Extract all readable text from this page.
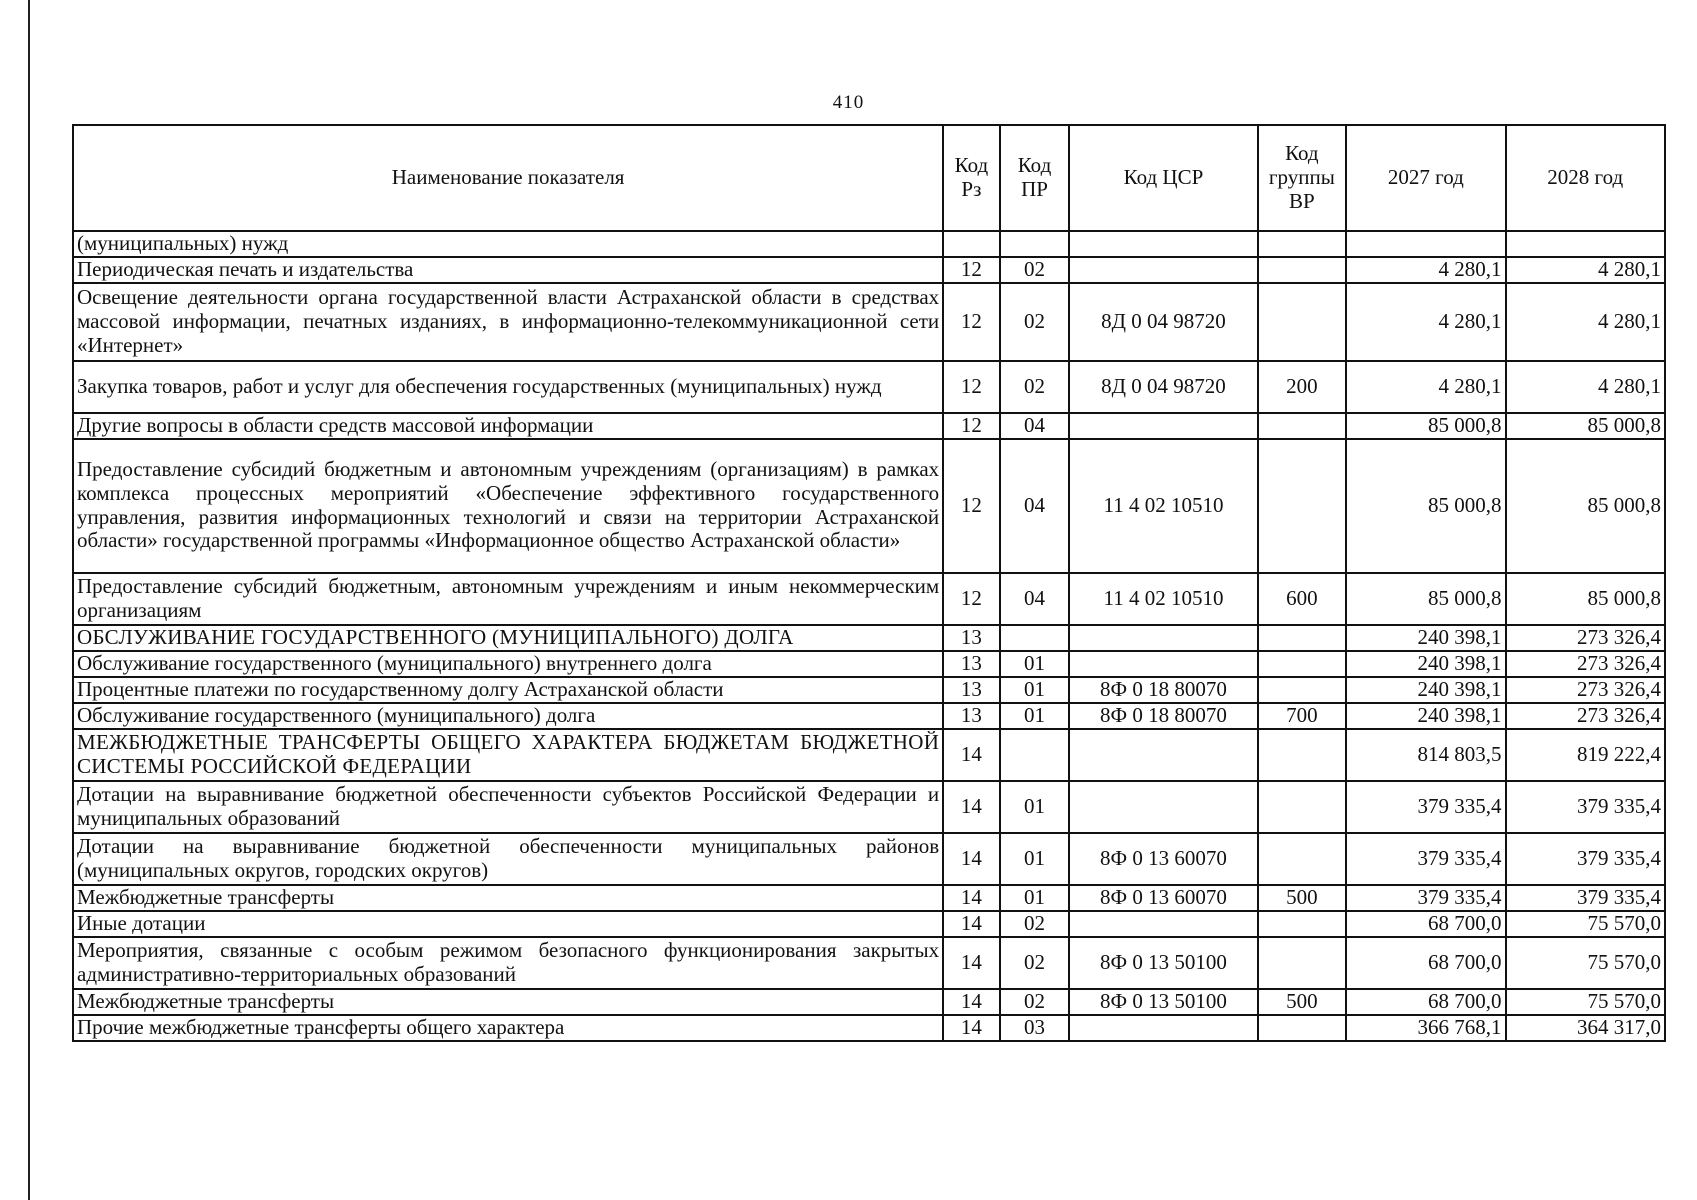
410
Наименование показателя	Код Рз	Код ПР	Код ЦСР	Код группы ВР	2027 год	2028 год
(муниципальных) нужд						
Периодическая печать и издательства	12	02			4 280,1	4 280,1
Освещение деятельности органа государственной власти Астраханской области в средствах массовой информации, печатных изданиях, в информационно-телекоммуникационной сети «Интернет»	12	02	8Д 0 04 98720		4 280,1	4 280,1
Закупка товаров, работ и услуг для обеспечения государственных (муниципальных) нужд	12	02	8Д 0 04 98720	200	4 280,1	4 280,1
Другие вопросы в области средств массовой информации	12	04			85 000,8	85 000,8
Предоставление субсидий бюджетным и автономным учреждениям (организациям) в рамках комплекса процессных мероприятий «Обеспечение эффективного государственного управления, развития информационных технологий и связи на территории Астраханской области» государственной программы «Информационное общество Астраханской области»	12	04	11 4 02 10510		85 000,8	85 000,8
Предоставление субсидий бюджетным, автономным учреждениям и иным некоммерческим организациям	12	04	11 4 02 10510	600	85 000,8	85 000,8
ОБСЛУЖИВАНИЕ ГОСУДАРСТВЕННОГО (МУНИЦИПАЛЬНОГО) ДОЛГА	13				240 398,1	273 326,4
Обслуживание государственного (муниципального) внутреннего долга	13	01			240 398,1	273 326,4
Процентные платежи по государственному долгу Астраханской области	13	01	8Ф 0 18 80070		240 398,1	273 326,4
Обслуживание государственного (муниципального) долга	13	01	8Ф 0 18 80070	700	240 398,1	273 326,4
МЕЖБЮДЖЕТНЫЕ ТРАНСФЕРТЫ ОБЩЕГО ХАРАКТЕРА БЮДЖЕТАМ БЮДЖЕТНОЙ СИСТЕМЫ РОССИЙСКОЙ ФЕДЕРАЦИИ	14				814 803,5	819 222,4
Дотации на выравнивание бюджетной обеспеченности субъектов Российской Федерации и муниципальных образований	14	01			379 335,4	379 335,4
Дотации на выравнивание бюджетной обеспеченности муниципальных районов (муниципальных округов, городских округов)	14	01	8Ф 0 13 60070		379 335,4	379 335,4
Межбюджетные трансферты	14	01	8Ф 0 13 60070	500	379 335,4	379 335,4
Иные дотации	14	02			68 700,0	75 570,0
Мероприятия, связанные с особым режимом безопасного функционирования закрытых административно-территориальных образований	14	02	8Ф 0 13 50100		68 700,0	75 570,0
Межбюджетные трансферты	14	02	8Ф 0 13 50100	500	68 700,0	75 570,0
Прочие межбюджетные трансферты общего характера	14	03			366 768,1	364 317,0
